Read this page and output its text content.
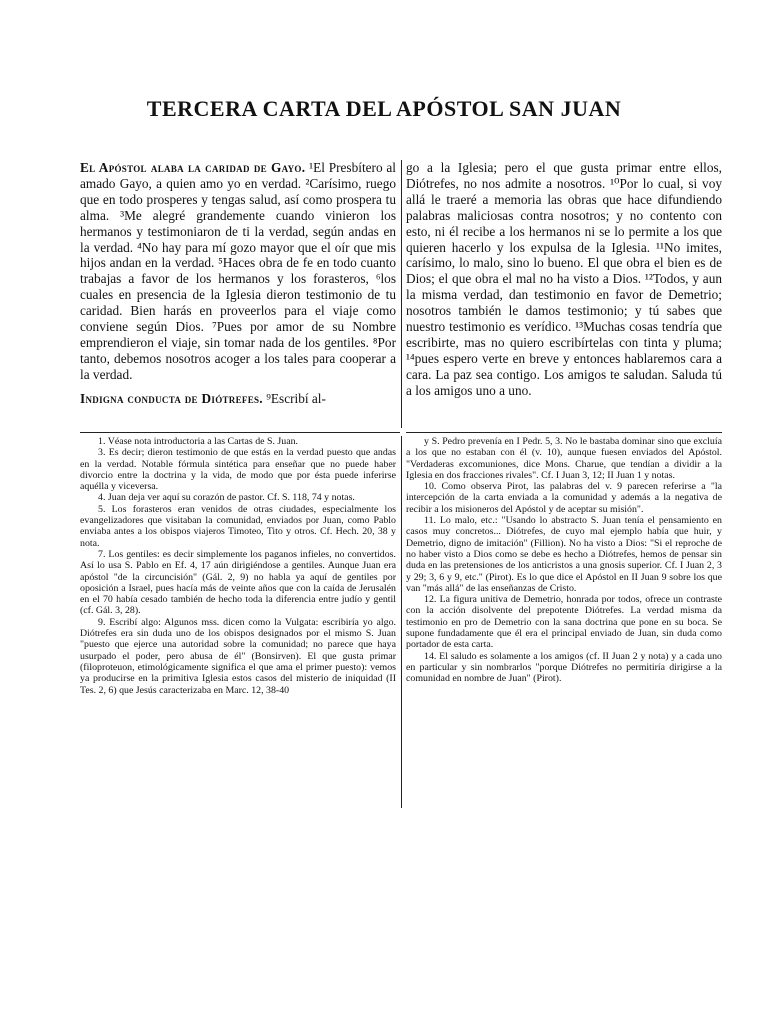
TERCERA CARTA DEL APÓSTOL SAN JUAN

El Apóstol alaba la caridad de Gayo. ¹El Presbítero al amado Gayo, a quien amo yo en verdad. ²Carísimo, ruego que en todo prosperes y tengas salud, así como prospera tu alma. ³Me alegré grandemente cuando vinieron los hermanos y testimoniaron de ti la verdad, según andas en la verdad. ⁴No hay para mí gozo mayor que el oír que mis hijos andan en la verdad. ⁵Haces obra de fe en todo cuanto trabajas a favor de los hermanos y los forasteros, ⁶los cuales en presencia de la Iglesia dieron testimonio de tu caridad. Bien harás en proveerlos para el viaje como conviene según Dios. ⁷Pues por amor de su Nombre emprendieron el viaje, sin tomar nada de los gentiles. ⁸Por tanto, debemos nosotros acoger a los tales para cooperar a la verdad.

Indigna conducta de Diótrefes. ⁹Escribí al-

go a la Iglesia; pero el que gusta primar entre ellos, Diótrefes, no nos admite a nosotros. ¹⁰Por lo cual, si voy allá le traeré a memoria las obras que hace difundiendo palabras maliciosas contra nosotros; y no contento con esto, ni él recibe a los hermanos ni se lo permite a los que quieren hacerlo y los expulsa de la Iglesia. ¹¹No imites, carísimo, lo malo, sino lo bueno. El que obra el bien es de Dios; el que obra el mal no ha visto a Dios. ¹²Todos, y aun la misma verdad, dan testimonio en favor de Demetrio; nosotros también le damos testimonio; y tú sabes que nuestro testimonio es verídico. ¹³Muchas cosas tendría que escribirte, mas no quiero escribírtelas con tinta y pluma; ¹⁴pues espero verte en breve y entonces hablaremos cara a cara. La paz sea contigo. Los amigos te saludan. Saluda tú a los amigos uno a uno.

1. Véase nota introductoria a las Cartas de S. Juan.

3. Es decir; dieron testimonio de que estás en la verdad puesto que andas en la verdad. Notable fórmula sintética para enseñar que no puede haber divorcio entre la doctrina y la vida, de modo que por ésta puede inferirse aquélla y viceversa.

4. Juan deja ver aquí su corazón de pastor. Cf. S. 118, 74 y notas.

5. Los forasteros eran venidos de otras ciudades, especialmente los evangelizadores que visitaban la comunidad, enviados por Juan, como Pablo enviaba antes a los obispos viajeros Timoteo, Tito y otros. Cf. Hech. 20, 38 y nota.

7. Los gentiles: es decir simplemente los paganos infieles, no convertidos. Así lo usa S. Pablo en Ef. 4, 17 aún dirigiéndose a gentiles. Aunque Juan era apóstol "de la circuncisión" (Gál. 2, 9) no habla ya aquí de gentiles por oposición a Israel, pues hacía más de veinte años que con la caída de Jerusalén en el 70 había cesado también de hecho toda la diferencia entre judío y gentil (cf. Gál. 3, 28).

9. Escribí algo: Algunos mss. dicen como la Vulgata: escribiría yo algo. Diótrefes era sin duda uno de los obispos designados por el mismo S. Juan "puesto que ejerce una autoridad sobre la comunidad; no parece que haya usurpado el poder, pero abusa de él" (Bonsirven). El que gusta primar (filoproteuon, etimológicamente significa el que ama el primer puesto): vemos ya producirse en la primitiva Iglesia estos casos del misterio de iniquidad (II Tes. 2, 6) que Jesús caracterizaba en Marc. 12, 38-40

y S. Pedro prevenía en I Pedr. 5, 3. No le bastaba dominar sino que excluía a los que no estaban con él (v. 10), aunque fuesen enviados del Apóstol. "Verdaderas excomuniones, dice Mons. Charue, que tendían a dividir a la Iglesia en dos fracciones rivales". Cf. I Juan 3, 12; II Juan 1 y notas.

10. Como observa Pirot, las palabras del v. 9 parecen referirse a "la intercepción de la carta enviada a la comunidad y además a la negativa de recibir a los misioneros del Apóstol y de aceptar su misión".

11. Lo malo, etc.: "Usando lo abstracto S. Juan tenía el pensamiento en casos muy concretos... Diótrefes, de cuyo mal ejemplo había que huir, y Demetrio, digno de imitación" (Fillion). No ha visto a Dios: "Si el reproche de no haber visto a Dios como se debe es hecho a Diótrefes, hemos de pensar sin duda en las pretensiones de los anticristos a una gnosis superior. Cf. I Juan 2, 3 y 29; 3, 6 y 9, etc." (Pirot). Es lo que dice el Apóstol en II Juan 9 sobre los que van "más allá" de las enseñanzas de Cristo.

12. La figura unitiva de Demetrio, honrada por todos, ofrece un contraste con la acción disolvente del prepotente Diótrefes. La verdad misma da testimonio en pro de Demetrio con la sana doctrina que pone en su boca. Se supone fundadamente que él era el principal enviado de Juan, sin duda como portador de esta carta.

14. El saludo es solamente a los amigos (cf. II Juan 2 y nota) y a cada uno en particular y sin nombrarlos "porque Diótrefes no permitiría dirigirse a la comunidad en nombre de Juan" (Pirot).
